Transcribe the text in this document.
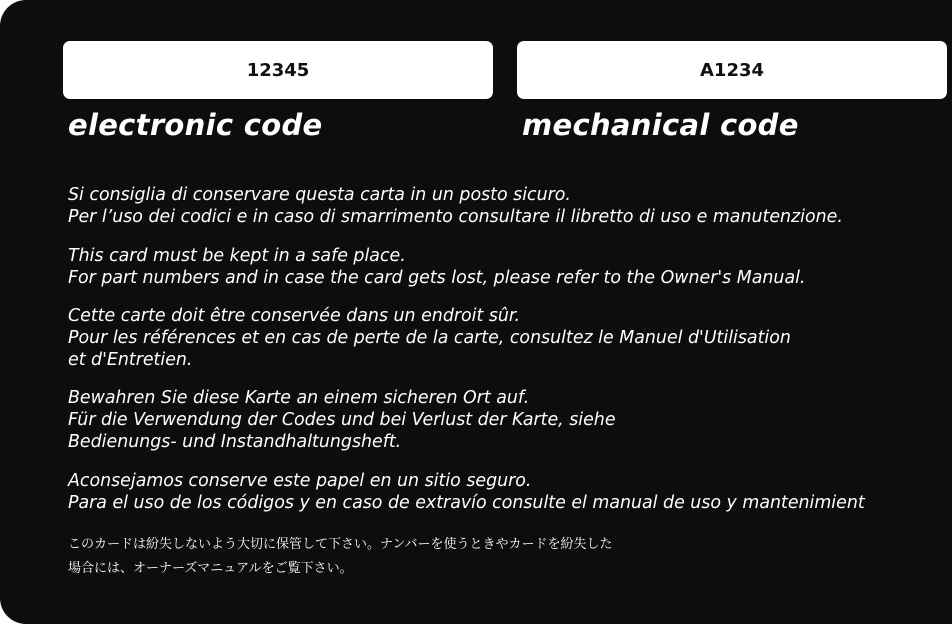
12345	A1234
electronic code	mechanical code
Si consiglia di conservare questa carta in un posto sicuro.
Per l’uso dei codici e in caso di smarrimento consultare il libretto di uso e manutenzione.
This card must be kept in a safe place.
For part numbers and in case the card gets lost, please refer to the Owner's Manual.
Cette carte doit être conservée dans un endroit sûr.
Pour les références et en cas de perte de la carte, consultez le Manuel d'Utilisation
et d'Entretien.
Bewahren Sie diese Karte an einem sicheren Ort auf.
Für die Verwendung der Codes und bei Verlust der Karte, siehe
Bedienungs- und Instandhaltungsheft.
Aconsejamos conserve este papel en un sitio seguro.
Para el uso de los códigos y en caso de extravío consulte el manual de uso y mantenimient
このカードは紛失しないよう大切に保管して下さい。ナンバーを使うときやカードを紛失した
場合には、オーナーズマニュアルをご覧下さい。
